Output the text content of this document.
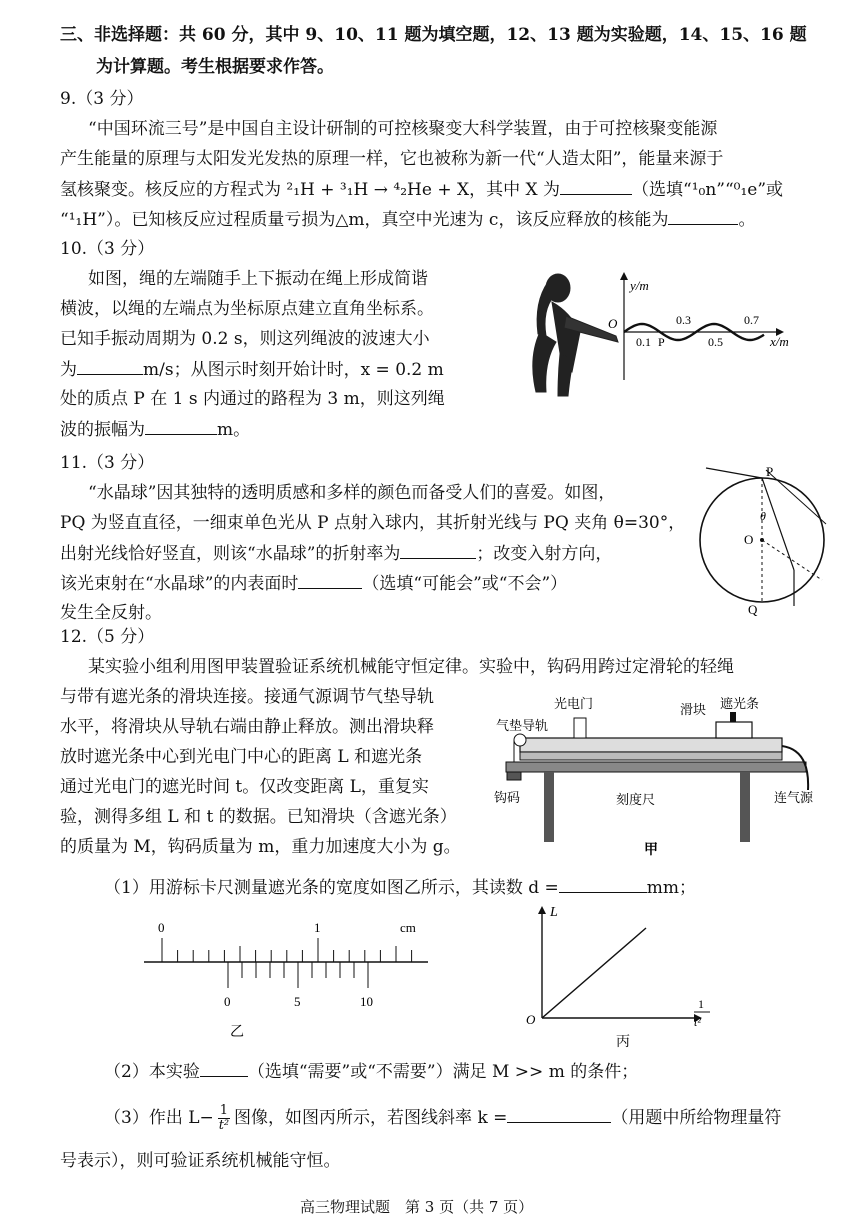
三、非选择题：共 60 分，其中 9、10、11 题为填空题，12、13 题为实验题，14、15、16 题
为计算题。考生根据要求作答。
9.（3 分）
“中国环流三号”是中国自主设计研制的可控核聚变大科学装置，由于可控核聚变能源
产生能量的原理与太阳发光发热的原理一样，它也被称为新一代“人造太阳”，能量来源于
氢核聚变。核反应的方程式为 ²₁H + ³₁H → ⁴₂He + X，其中 X 为	（选填“¹₀n”“⁰₁e”或
“¹₁H”）。已知核反应过程质量亏损为△m，真空中光速为 c，该反应释放的核能为	。
10.（3 分）
如图，绳的左端随手上下振动在绳上形成简谐
横波，以绳的左端点为坐标原点建立直角坐标系。
已知手振动周期为 0.2 s，则这列绳波的波速大小
为	m/s；从图示时刻开始计时，x = 0.2 m
处的质点 P 在 1 s 内通过的路程为 3 m，则这列绳
波的振幅为	m。
y/m
x/m
O	0.3	0.7
0.1 P	0.5
11.（3 分）
“水晶球”因其独特的透明质感和多样的颜色而备受人们的喜爱。如图，
PQ 为竖直直径，一细束单色光从 P 点射入球内，其折射光线与 PQ 夹角 θ=30°，
出射光线恰好竖直，则该“水晶球”的折射率为	；改变入射方向，
该光束射在“水晶球”的内表面时	（选填“可能会”或“不会”）
发生全反射。
P
Q
O
θ
12.（5 分）
某实验小组利用图甲装置验证系统机械能守恒定律。实验中，钩码用跨过定滑轮的轻绳
与带有遮光条的滑块连接。接通气源调节气垫导轨
水平，将滑块从导轨右端由静止释放。测出滑块释
放时遮光条中心到光电门中心的距离 L 和遮光条
通过光电门的遮光时间 t。仅改变距离 L，重复实
验，测得多组 L 和 t 的数据。已知滑块（含遮光条）
的质量为 M，钩码质量为 m，重力加速度大小为 g。
光电门
气垫导轨
滑块 遮光条
钩码	刻度尺	连气源
甲
（1）用游标卡尺测量遮光条的宽度如图乙所示，其读数 d =	mm；
0	1	cm
0	5	10
乙
L
1
t²
O
丙
（2）本实验	（选填“需要”或“不需要”）满足 M >> m 的条件；
（3）作出 $L- \frac{1}{\text{t²}}$ 图像，如图丙所示，若图线斜率 k =	（用题中所给物理量符
号表示），则可验证系统机械能守恒。
高三物理试题　第 3 页（共 7 页）
